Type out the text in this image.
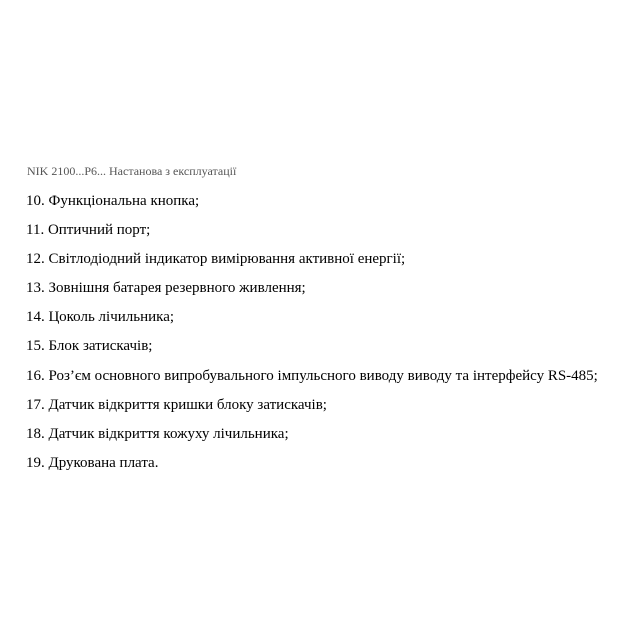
NIK 2100...P6... Настанова з експлуатації
10. Функціональна кнопка;
11. Оптичний порт;
12. Світлодіодний індикатор вимірювання активної енергії;
13. Зовнішня батарея резервного живлення;
14. Цоколь лічильника;
15. Блок затискачів;
16. Роз’єм основного випробувального імпульсного виводу виводу та інтерфейсу RS-485;
17. Датчик відкриття кришки блоку затискачів;
18. Датчик відкриття кожуху лічильника;
19. Друкована плата.
